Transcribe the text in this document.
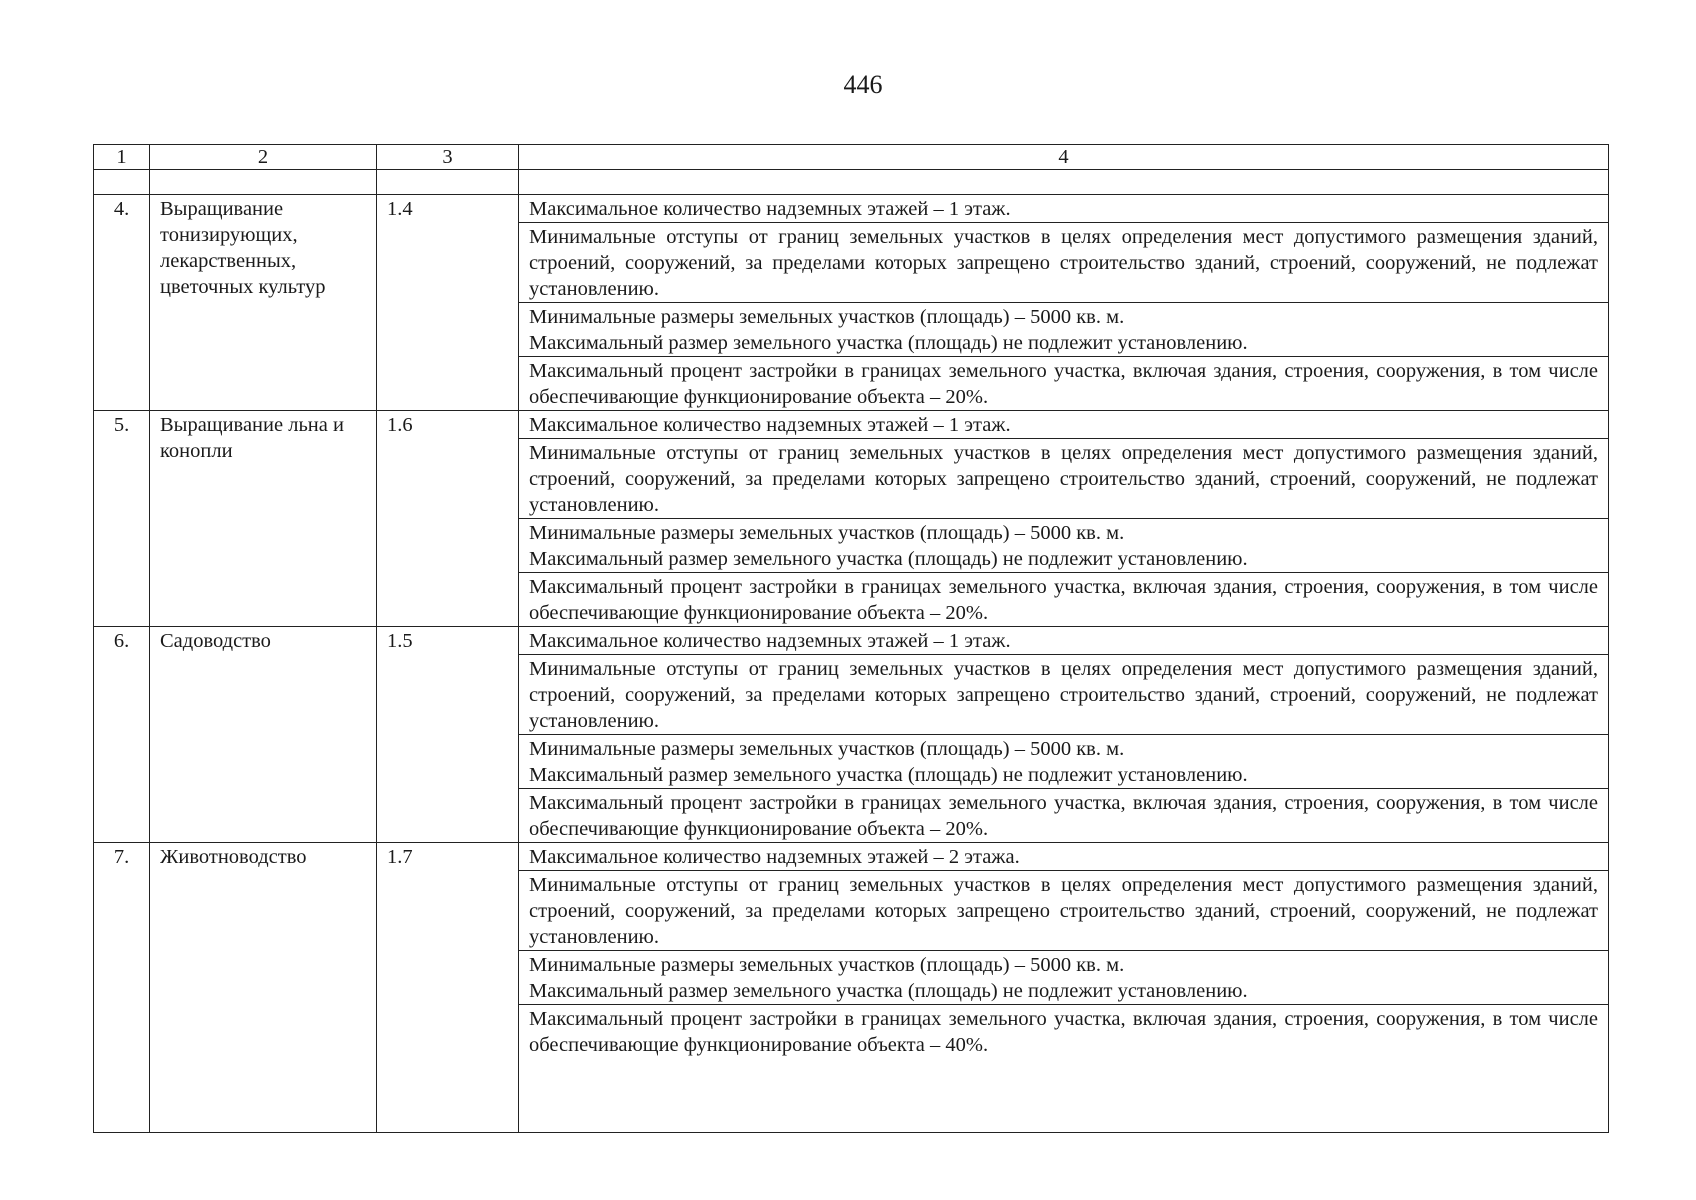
446
1	2	3	4

4.	Выращивание тонизирующих, лекарственных, цветочных культур	1.4	Максимальное количество надземных этажей – 1 этаж.

			Минимальные отступы от границ земельных участков в целях определения мест допустимого размещения зданий, строений, сооружений, за пределами которых запрещено строительство зданий, строений, сооружений, не подлежат установлению.

			Минимальные размеры земельных участков (площадь) – 5000 кв. м.
Максимальный размер земельного участка (площадь) не подлежит установлению.

			Максимальный процент застройки в границах земельного участка, включая здания, строения, сооружения, в том числе обеспечивающие функционирование объекта – 20%.

5.	Выращивание льна и конопли	1.6	Максимальное количество надземных этажей – 1 этаж.

			Минимальные отступы от границ земельных участков в целях определения мест допустимого размещения зданий, строений, сооружений, за пределами которых запрещено строительство зданий, строений, сооружений, не подлежат установлению.

			Минимальные размеры земельных участков (площадь) – 5000 кв. м.
Максимальный размер земельного участка (площадь) не подлежит установлению.

			Максимальный процент застройки в границах земельного участка, включая здания, строения, сооружения, в том числе обеспечивающие функционирование объекта – 20%.

6.	Садоводство	1.5	Максимальное количество надземных этажей – 1 этаж.

			Минимальные отступы от границ земельных участков в целях определения мест допустимого размещения зданий, строений, сооружений, за пределами которых запрещено строительство зданий, строений, сооружений, не подлежат установлению.

			Минимальные размеры земельных участков (площадь) – 5000 кв. м.
Максимальный размер земельного участка (площадь) не подлежит установлению.

			Максимальный процент застройки в границах земельного участка, включая здания, строения, сооружения, в том числе обеспечивающие функционирование объекта – 20%.

7.	Животноводство	1.7	Максимальное количество надземных этажей – 2 этажа.

			Минимальные отступы от границ земельных участков в целях определения мест допустимого размещения зданий, строений, сооружений, за пределами которых запрещено строительство зданий, строений, сооружений, не подлежат установлению.

			Минимальные размеры земельных участков (площадь) – 5000 кв. м.
Максимальный размер земельного участка (площадь) не подлежит установлению.

			Максимальный процент застройки в границах земельного участка, включая здания, строения, сооружения, в том числе обеспечивающие функционирование объекта – 40%.
